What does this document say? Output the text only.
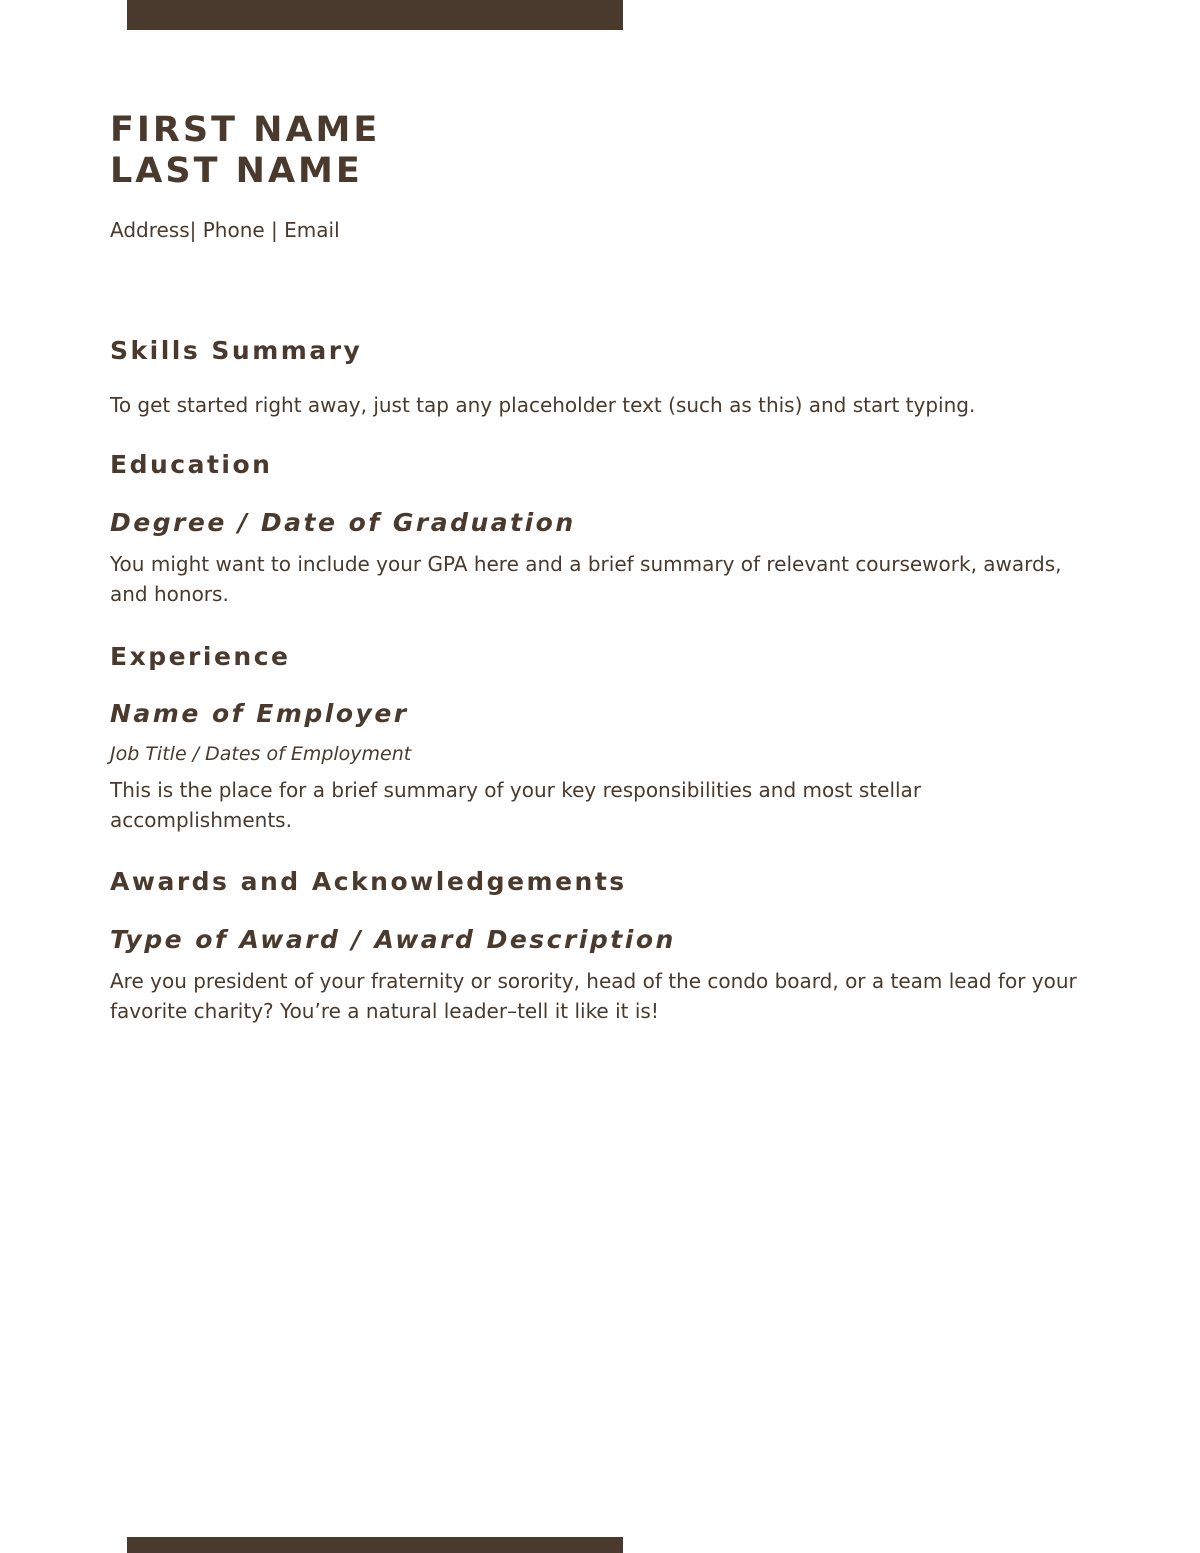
FIRST NAME
LAST NAME

Address| Phone | Email

Skills Summary

To get started right away, just tap any placeholder text (such as this) and start typing.

Education
Degree / Date of Graduation

You might want to include your GPA here and a brief summary of relevant coursework, awards, and honors.

Experience
Name of Employer

Job Title / Dates of Employment

This is the place for a brief summary of your key responsibilities and most stellar accomplishments.

Awards and Acknowledgements
Type of Award / Award Description

Are you president of your fraternity or sorority, head of the condo board, or a team lead for your favorite charity? You’re a natural leader–tell it like it is!
